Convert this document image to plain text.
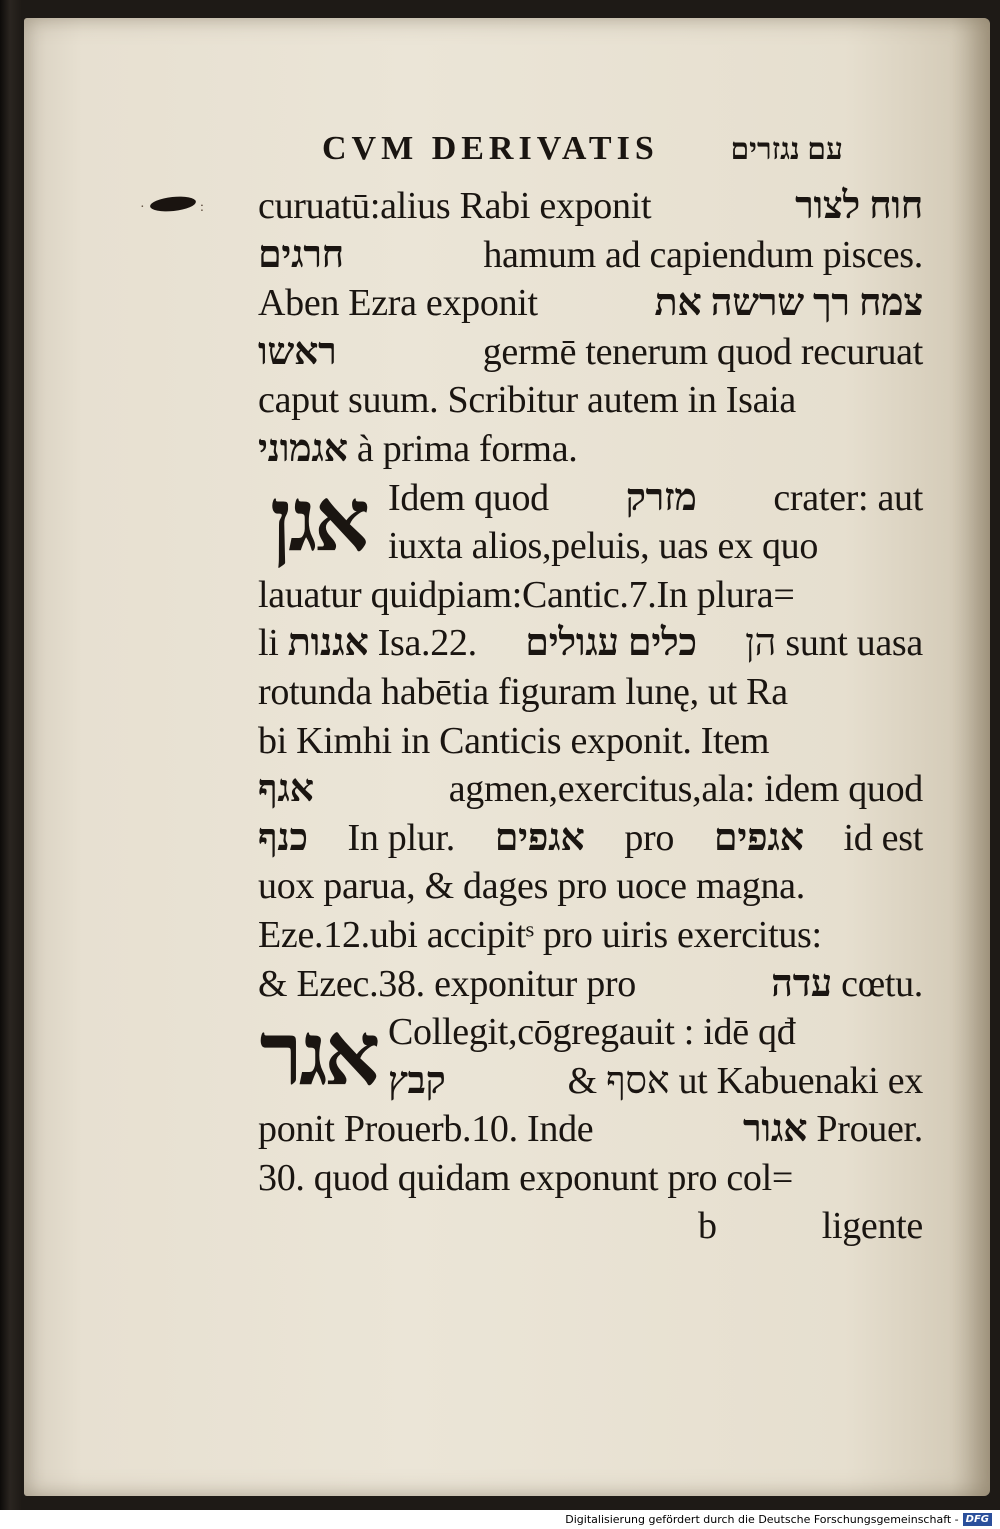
·	:
CVM DERIVATIS עם נגזרים
curuatū:alius Rabi exponit	חוח לצור
חרגים	hamum ad capiendum pisces.
Aben Ezra exponit	צמח רך שרשה את
ראשו	germē tenerum quod recuruat
caput suum. Scribitur autem in Isaia
אגמוני à prima forma.
אגן Idem quod מזרק crater: aut
iuxta alios,peluis, uas ex quo
lauatur quidpiam:Cantic.7.In plura=
li אגנות Isa.22. כלים עגולים הן sunt uasa
rotunda habētia figuram lunę, ut Ra
bi Kimhi in Canticis exponit. Item
אגף	agmen,exercitus,ala: idem quod
כנף In plur. אגפים pro אגפים id est
uox parua, & dages pro uoce magna.
Eze.12.ubi accipitˢ pro uiris exercitus:
& Ezec.38. exponitur pro	עדה cœtu.
אגר Collegit,cōgregauit : idē qđ
קבץ	& אסף ut Kabuenaki ex
ponit Prouerb.10. Inde	אגור Prouer.
30. quod quidam exponunt pro col=
b	ligente
Digitalisierung gefördert durch die Deutsche Forschungsgemeinschaft - DFG
